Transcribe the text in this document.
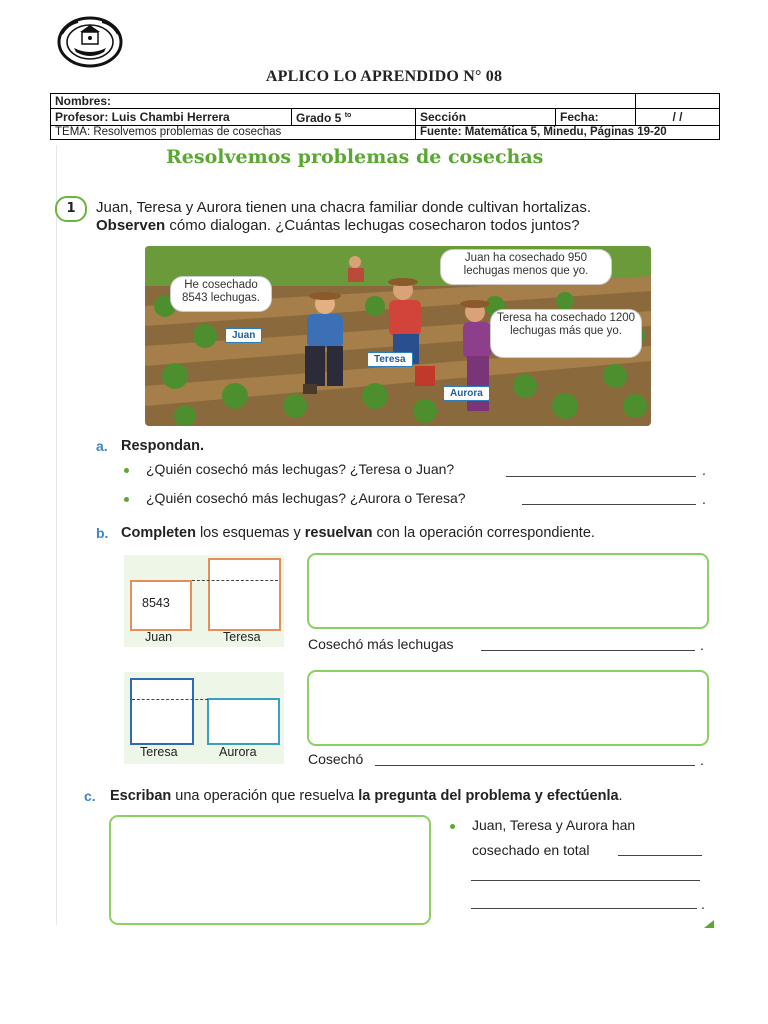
APLICO LO APRENDIDO N° 08
Nombres:	

Profesor: Luis Chambi Herrera	Grado 5 $^{to}$	Sección	Fecha:	/ /
TEMA: Resolvemos problemas de cosechas		Fuente: Matemática 5, Minedu, Páginas 19-20		
Resolvemos problemas de cosechas
1	Juan, Teresa y Aurora tienen una chacra familiar donde cultivan hortalizas.
Observen cómo dialogan. ¿Cuántas lechugas cosecharon todos juntos?
He cosechado 8543 lechugas.
Juan ha cosechado 950 lechugas menos que yo.
Teresa ha cosechado 1200 lechugas más que yo.
Juan
Teresa
Aurora
a. Respondan.
¿Quién cosechó más lechugas? ¿Teresa o Juan?	.
¿Quién cosechó más lechugas? ¿Aurora o Teresa?	.
b. Completen los esquemas y resuelvan con la operación correspondiente.
8543
Juan	Teresa	Cosechó más lechugas	.
Teresa	Aurora	Cosechó	.
c. Escriban una operación que resuelva la pregunta del problema y efectúenla.
Juan, Teresa y Aurora han
cosechado en total
.
